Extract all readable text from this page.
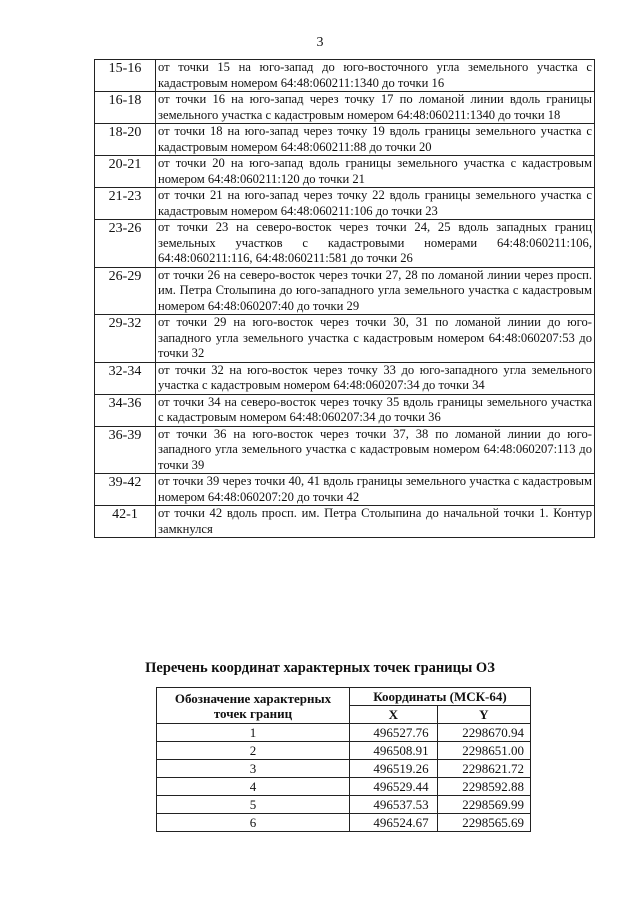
3
15-16	от точки 15 на юго-запад до юго-восточного угла земельного участка с кадастровым номером 64:48:060211:1340 до точки 16
16-18	от точки 16 на юго-запад через точку 17 по ломаной линии вдоль границы земельного участка с кадастровым номером 64:48:060211:1340 до точки 18
18-20	от точки 18 на юго-запад через точку 19 вдоль границы земельного участка с кадастровым номером 64:48:060211:88 до точки 20
20-21	от точки 20 на юго-запад вдоль границы земельного участка с кадастровым номером 64:48:060211:120 до точки 21
21-23	от точки 21 на юго-запад через точку 22 вдоль границы земельного участка с кадастровым номером 64:48:060211:106 до точки 23
23-26	от точки 23 на северо-восток через точки 24, 25 вдоль западных границ земельных участков с кадастровыми номерами 64:48:060211:106, 64:48:060211:116, 64:48:060211:581 до точки 26
26-29	от точки 26 на северо-восток через точки 27, 28 по ломаной линии через просп. им. Петра Столыпина до юго-западного угла земельного участка с кадастровым номером 64:48:060207:40 до точки 29
29-32	от точки 29 на юго-восток через точки 30, 31 по ломаной линии до юго-западного угла земельного участка с кадастровым номером 64:48:060207:53 до точки 32
32-34	от точки 32 на юго-восток через точку 33 до юго-западного угла земельного участка с кадастровым номером 64:48:060207:34 до точки 34
34-36	от точки 34 на северо-восток через точку 35 вдоль границы земельного участка с кадастровым номером 64:48:060207:34 до точки 36
36-39	от точки 36 на юго-восток через точки 37, 38 по ломаной линии до юго-западного угла земельного участка с кадастровым номером 64:48:060207:113 до точки 39
39-42	от точки 39 через точки 40, 41 вдоль границы земельного участка с кадастровым номером 64:48:060207:20 до точки 42
42-1	от точки 42 вдоль просп. им. Петра Столыпина до начальной точки 1. Контур замкнулся
Перечень координат характерных точек границы ОЗ
Обозначение характерных точек границ	Координаты (МСК-64)	
	X	Y
1	496527.76	2298670.94
2	496508.91	2298651.00
3	496519.26	2298621.72
4	496529.44	2298592.88
5	496537.53	2298569.99
6	496524.67	2298565.69
